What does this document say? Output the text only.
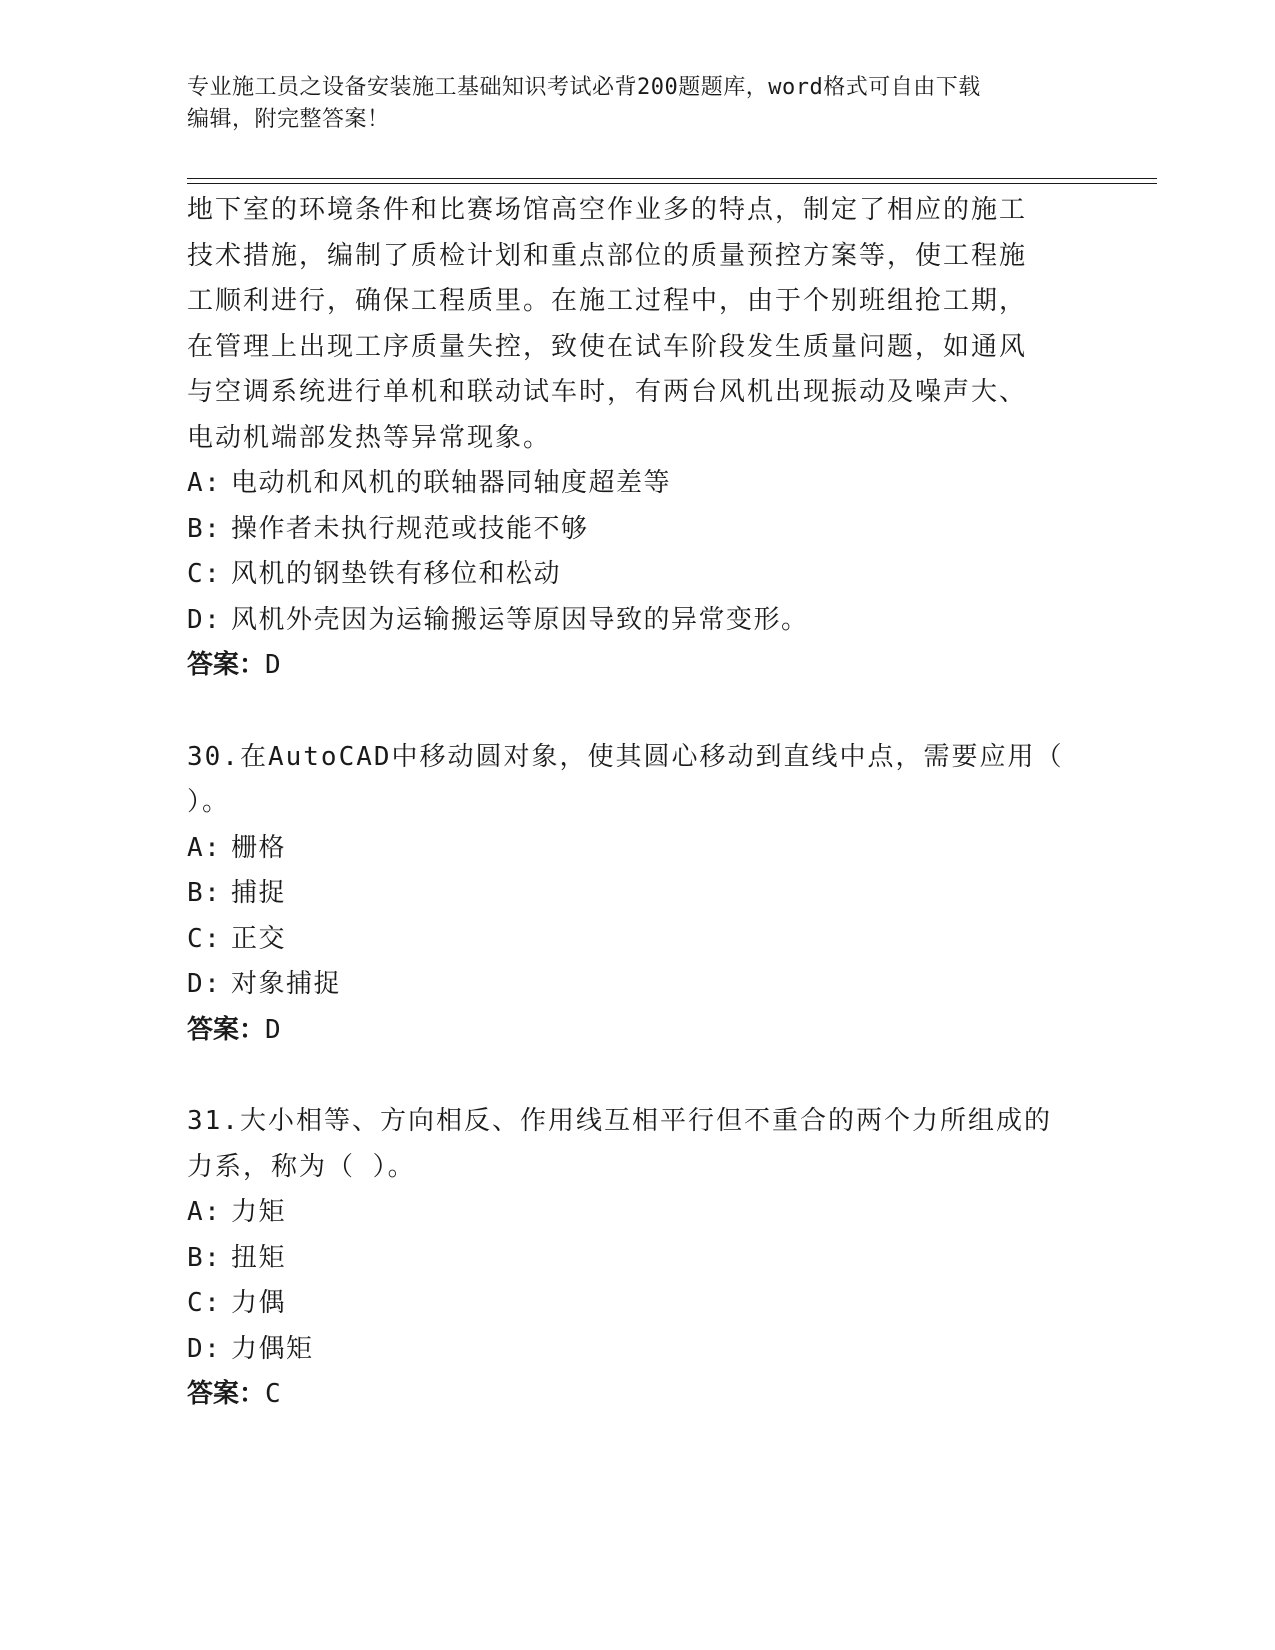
专业施工员之设备安装施工基础知识考试必背200题题库，word格式可自由下载
编辑，附完整答案！

地下室的环境条件和比赛场馆高空作业多的特点，制定了相应的施工

技术措施，编制了质检计划和重点部位的质量预控方案等，使工程施

工顺利进行，确保工程质里。在施工过程中，由于个别班组抢工期，

在管理上出现工序质量失控，致使在试车阶段发生质量问题，如通风

与空调系统进行单机和联动试车时，有两台风机出现振动及噪声大、

电动机端部发热等异常现象。

A: 电动机和风机的联轴器同轴度超差等

B: 操作者未执行规范或技能不够

C: 风机的钢垫铁有移位和松动

D: 风机外壳因为运输搬运等原因导致的异常变形。

答案：D

30.在AutoCAD中移动圆对象，使其圆心移动到直线中点，需要应用（

）。

A: 栅格

B: 捕捉

C: 正交

D: 对象捕捉

答案：D

31.大小相等、方向相反、作用线互相平行但不重合的两个力所组成的

力系，称为（ ）。

A: 力矩

B: 扭矩

C: 力偶

D: 力偶矩

答案：C
